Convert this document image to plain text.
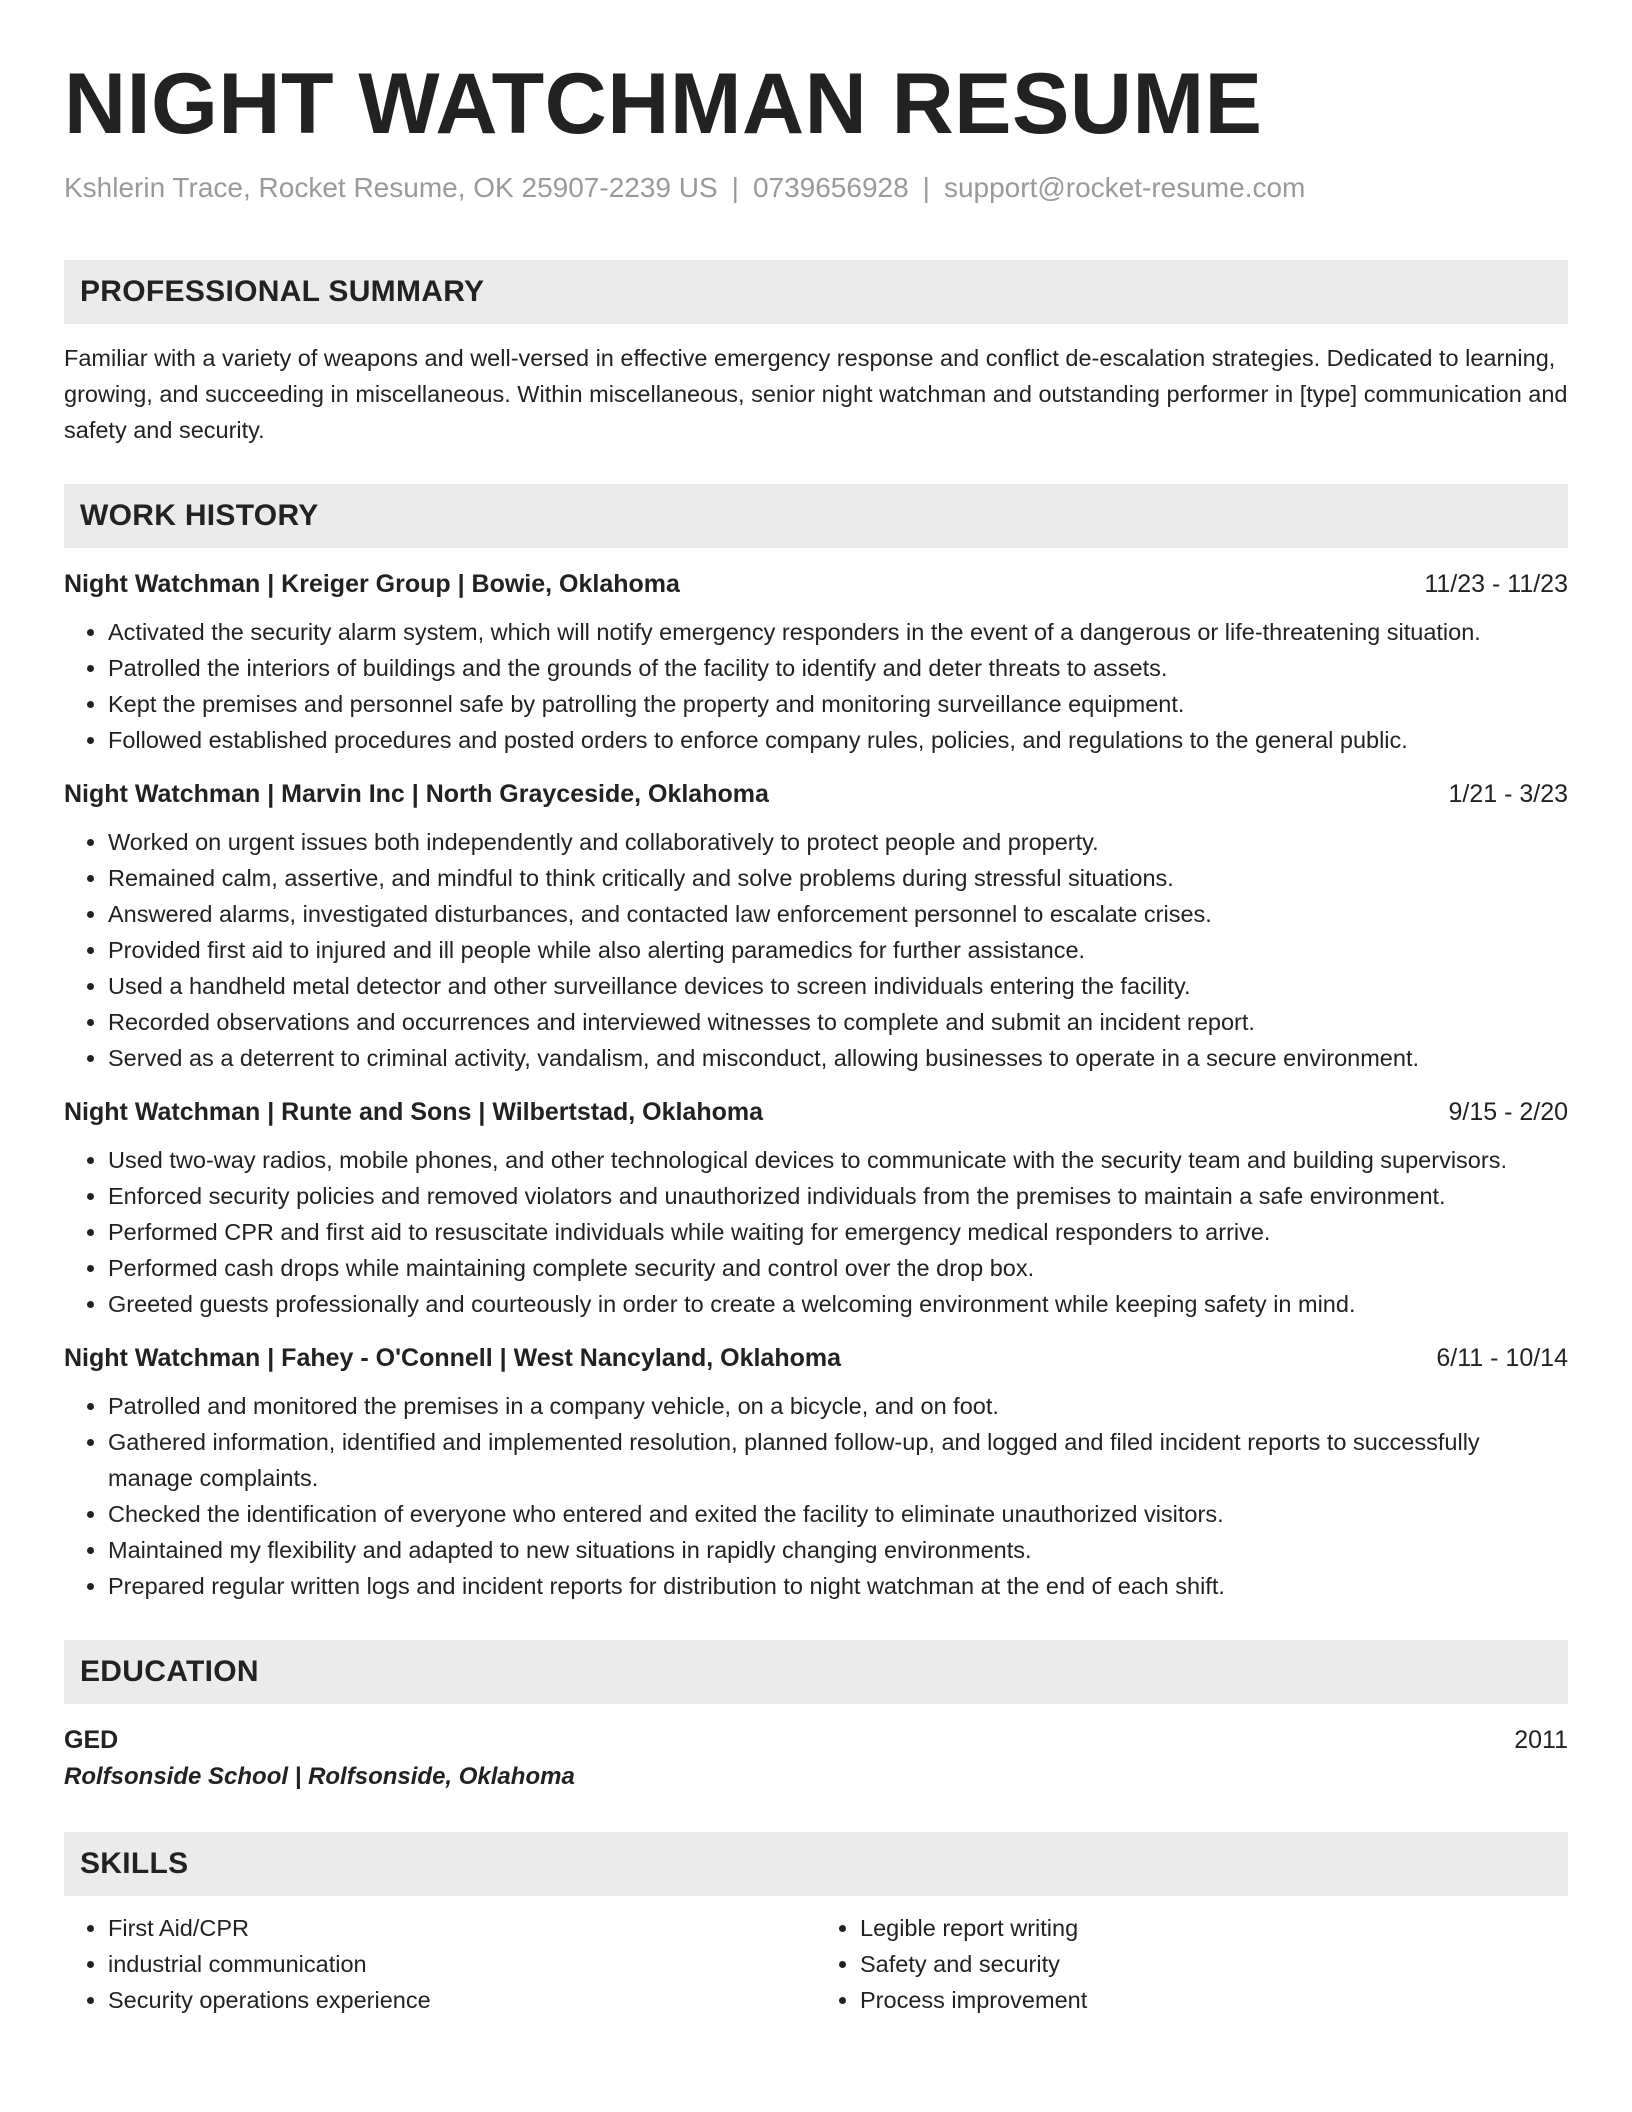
NIGHT WATCHMAN RESUME
Kshlerin Trace, Rocket Resume, OK 25907-2239 US | 0739656928 | support@rocket-resume.com
PROFESSIONAL SUMMARY
Familiar with a variety of weapons and well-versed in effective emergency response and conflict de-escalation strategies. Dedicated to learning, growing, and succeeding in miscellaneous. Within miscellaneous, senior night watchman and outstanding performer in [type] communication and safety and security.
WORK HISTORY
Night Watchman | Kreiger Group | Bowie, Oklahoma	11/23 - 11/23
• Activated the security alarm system, which will notify emergency responders in the event of a dangerous or life-threatening situation.
• Patrolled the interiors of buildings and the grounds of the facility to identify and deter threats to assets.
• Kept the premises and personnel safe by patrolling the property and monitoring surveillance equipment.
• Followed established procedures and posted orders to enforce company rules, policies, and regulations to the general public.
Night Watchman | Marvin Inc | North Grayceside, Oklahoma	1/21 - 3/23
• Worked on urgent issues both independently and collaboratively to protect people and property.
• Remained calm, assertive, and mindful to think critically and solve problems during stressful situations.
• Answered alarms, investigated disturbances, and contacted law enforcement personnel to escalate crises.
• Provided first aid to injured and ill people while also alerting paramedics for further assistance.
• Used a handheld metal detector and other surveillance devices to screen individuals entering the facility.
• Recorded observations and occurrences and interviewed witnesses to complete and submit an incident report.
• Served as a deterrent to criminal activity, vandalism, and misconduct, allowing businesses to operate in a secure environment.
Night Watchman | Runte and Sons | Wilbertstad, Oklahoma	9/15 - 2/20
• Used two-way radios, mobile phones, and other technological devices to communicate with the security team and building supervisors.
• Enforced security policies and removed violators and unauthorized individuals from the premises to maintain a safe environment.
• Performed CPR and first aid to resuscitate individuals while waiting for emergency medical responders to arrive.
• Performed cash drops while maintaining complete security and control over the drop box.
• Greeted guests professionally and courteously in order to create a welcoming environment while keeping safety in mind.
Night Watchman | Fahey - O'Connell | West Nancyland, Oklahoma	6/11 - 10/14
• Patrolled and monitored the premises in a company vehicle, on a bicycle, and on foot.
• Gathered information, identified and implemented resolution, planned follow-up, and logged and filed incident reports to successfully manage complaints.
• Checked the identification of everyone who entered and exited the facility to eliminate unauthorized visitors.
• Maintained my flexibility and adapted to new situations in rapidly changing environments.
• Prepared regular written logs and incident reports for distribution to night watchman at the end of each shift.
EDUCATION
GED	2011
Rolfsonside School | Rolfsonside, Oklahoma
SKILLS
• First Aid/CPR
• industrial communication
• Security operations experience
• Legible report writing
• Safety and security
• Process improvement
